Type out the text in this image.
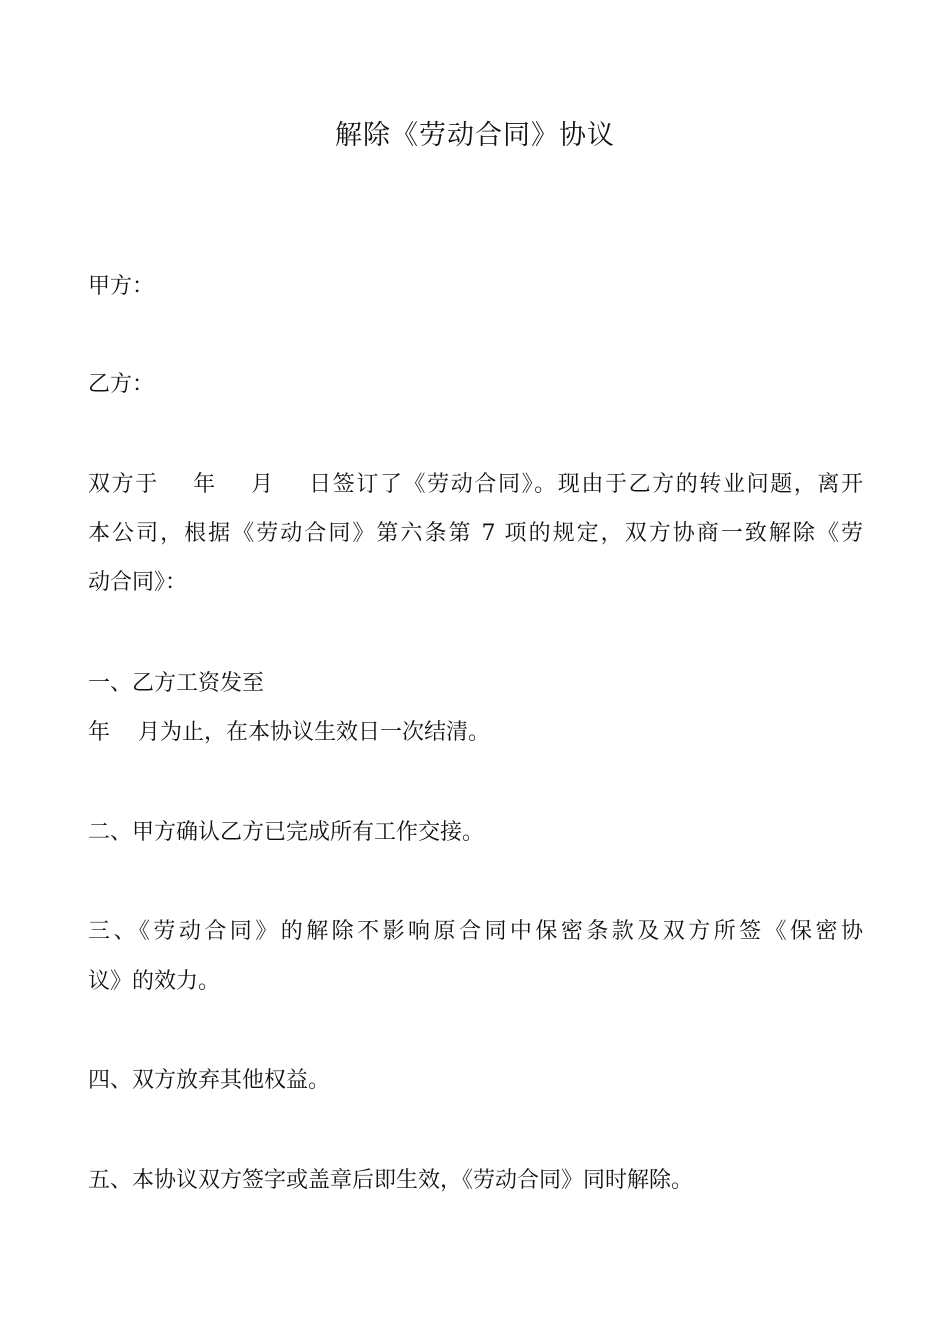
解除《劳动合同》协议
甲方：
乙方：
双方于    年    月    日签订了《劳动合同》。现由于乙方的转业问题，离开
本公司，根据《劳动合同》第六条第 7 项的规定，双方协商一致解除《劳
动合同》：
一、乙方工资发至
年    月为止，在本协议生效日一次结清。
二、甲方确认乙方已完成所有工作交接。
三、《劳动合同》的解除不影响原合同中保密条款及双方所签《保密协
议》的效力。
四、双方放弃其他权益。
五、本协议双方签字或盖章后即生效，《劳动合同》同时解除。
